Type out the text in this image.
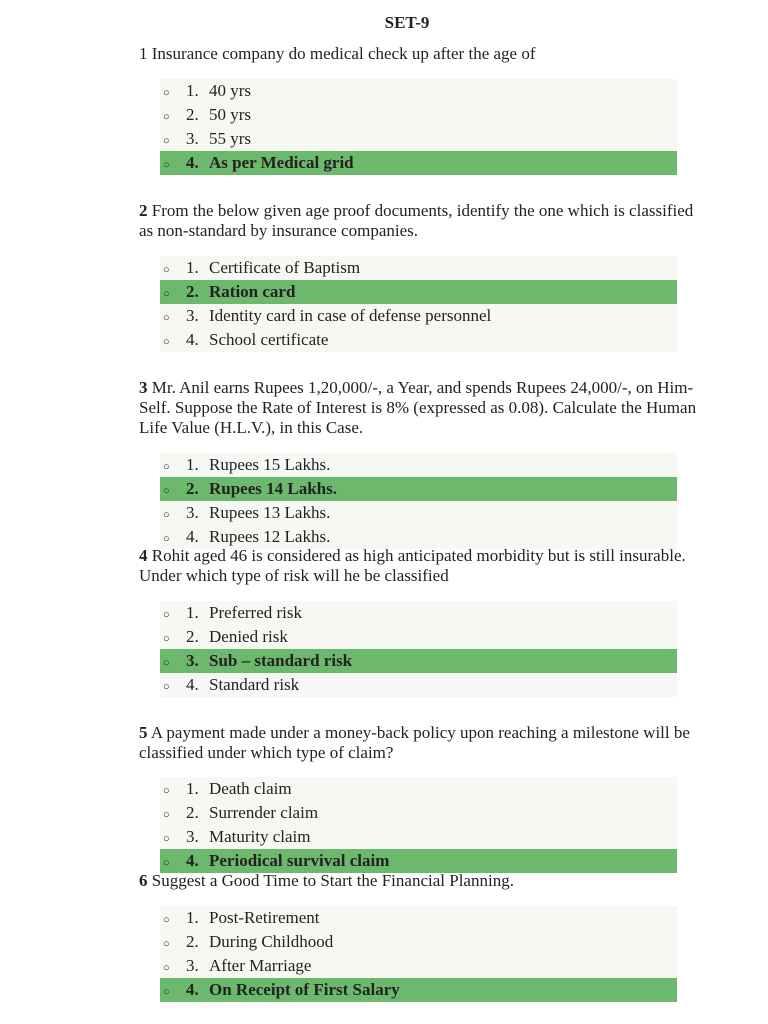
SET-9
1 Insurance company do medical check up after the age of
○ 1. 40 yrs
○ 2. 50 yrs
○ 3. 55 yrs
○ 4. As per Medical grid
2 From the below given age proof documents, identify the one which is classified as non-standard by insurance companies.
○ 1. Certificate of Baptism
○ 2. Ration card
○ 3. Identity card in case of defense personnel
○ 4. School certificate
3 Mr. Anil earns Rupees 1,20,000/-, a Year, and spends Rupees 24,000/-, on Him-Self. Suppose the Rate of Interest is 8% (expressed as 0.08). Calculate the Human Life Value (H.L.V.), in this Case.
○ 1. Rupees 15 Lakhs.
○ 2. Rupees 14 Lakhs.
○ 3. Rupees 13 Lakhs.
○ 4. Rupees 12 Lakhs.
4 Rohit aged 46 is considered as high anticipated morbidity but is still insurable. Under which type of risk will he be classified
○ 1. Preferred risk
○ 2. Denied risk
○ 3. Sub – standard risk
○ 4. Standard risk
5 A payment made under a money-back policy upon reaching a milestone will be classified under which type of claim?
○ 1. Death claim
○ 2. Surrender claim
○ 3. Maturity claim
○ 4. Periodical survival claim
6 Suggest a Good Time to Start the Financial Planning.
○ 1. Post-Retirement
○ 2. During Childhood
○ 3. After Marriage
○ 4. On Receipt of First Salary
